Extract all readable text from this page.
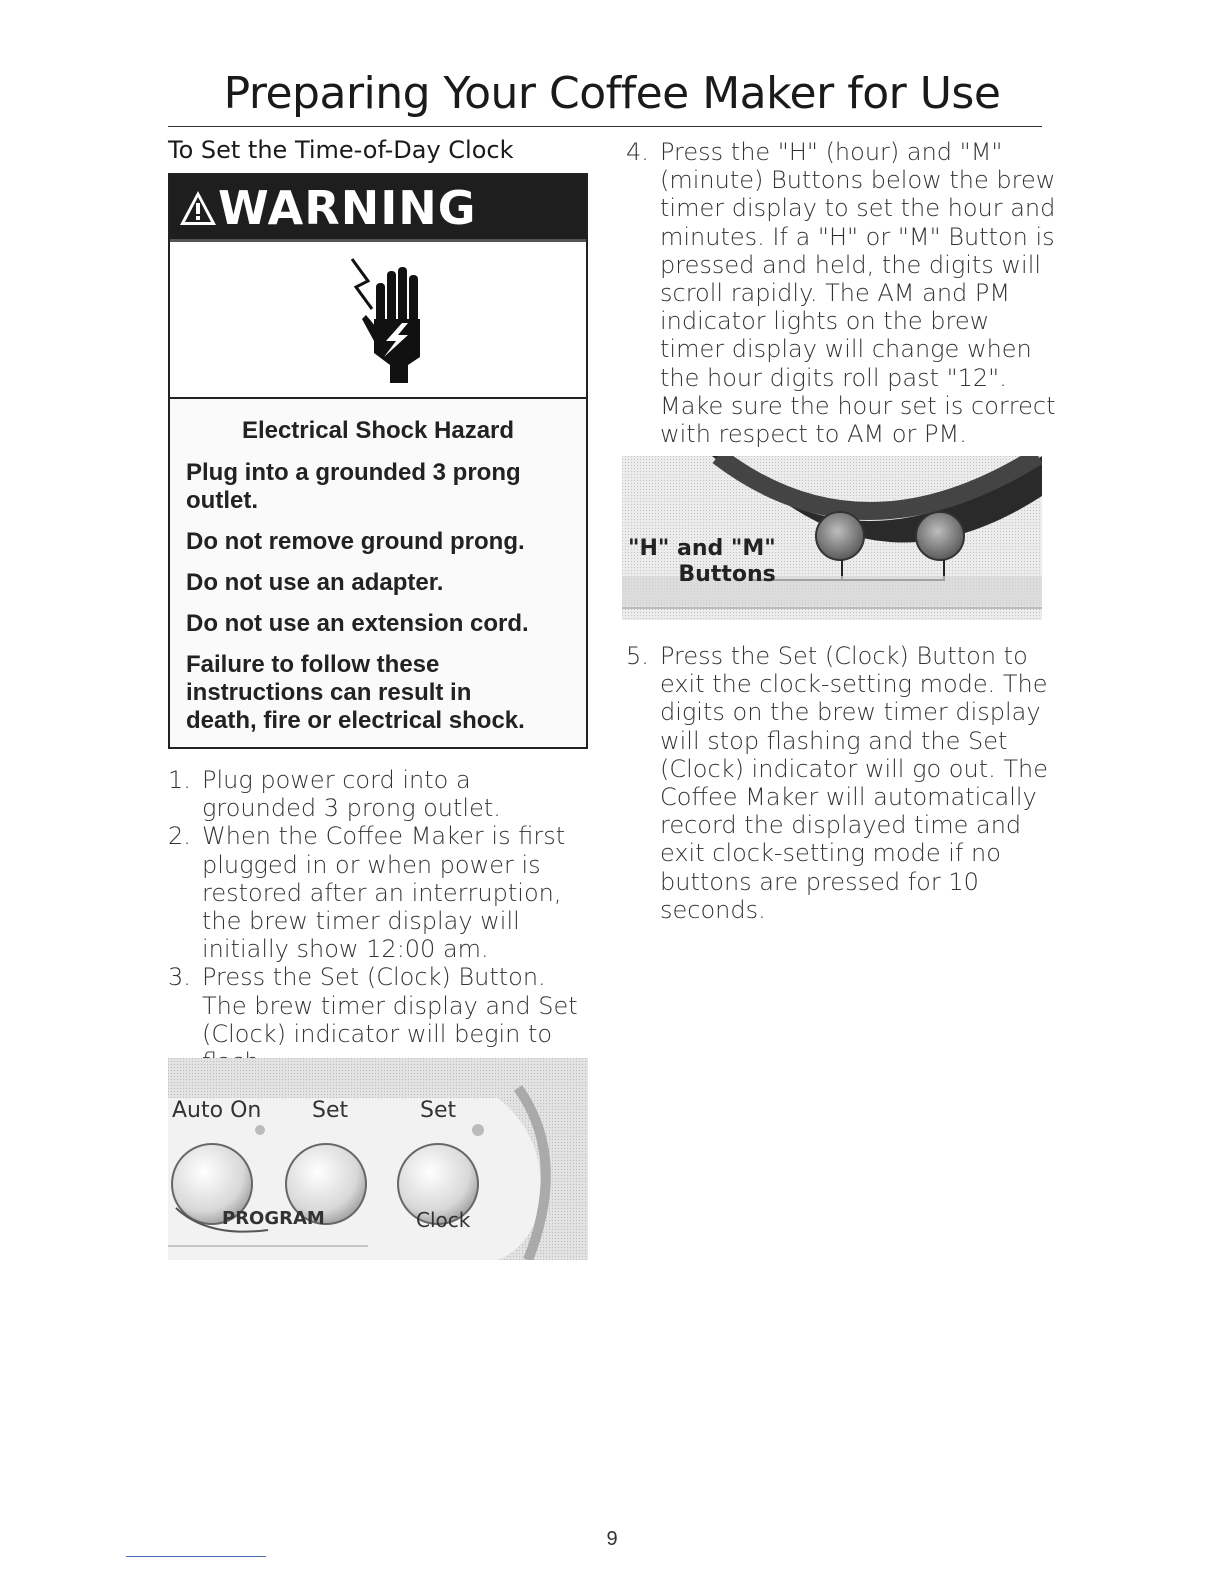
Preparing Your Coffee Maker for Use
To Set the Time-of-Day Clock
WARNING

Electrical Shock Hazard

Plug into a grounded 3 prong
outlet.

Do not remove ground prong.

Do not use an adapter.

Do not use an extension cord.

Failure to follow these
instructions can result in
death, fire or electrical shock.

1. Plug power cord into a grounded 3 prong outlet.
2. When the Coffee Maker is first plugged in or when power is restored after an interruption, the brew timer display will initially show 12:00 am.
3. Press the Set (Clock) Button. The brew timer display and Set (Clock) indicator will begin to
Auto On Set	Set
PROGRAM	Clock
4. Press the "H" (hour) and "M" (minute) Buttons below the brew timer display to set the hour and minutes. If a "H" or "M" Button is pressed and held, the digits will scroll rapidly. The AM and PM indicator lights on the brew timer display will change when the hour digits roll past "12". Make sure the hour set is correct with respect to AM or PM.
"H" and "M"
Buttons
5. Press the Set (Clock) Button to exit the clock-setting mode. The digits on the brew timer display will stop flashing and the Set (Clock) indicator will go out. The Coffee Maker will automatically record the displayed time and exit clock-setting mode if no buttons are pressed for 10 seconds.

9
